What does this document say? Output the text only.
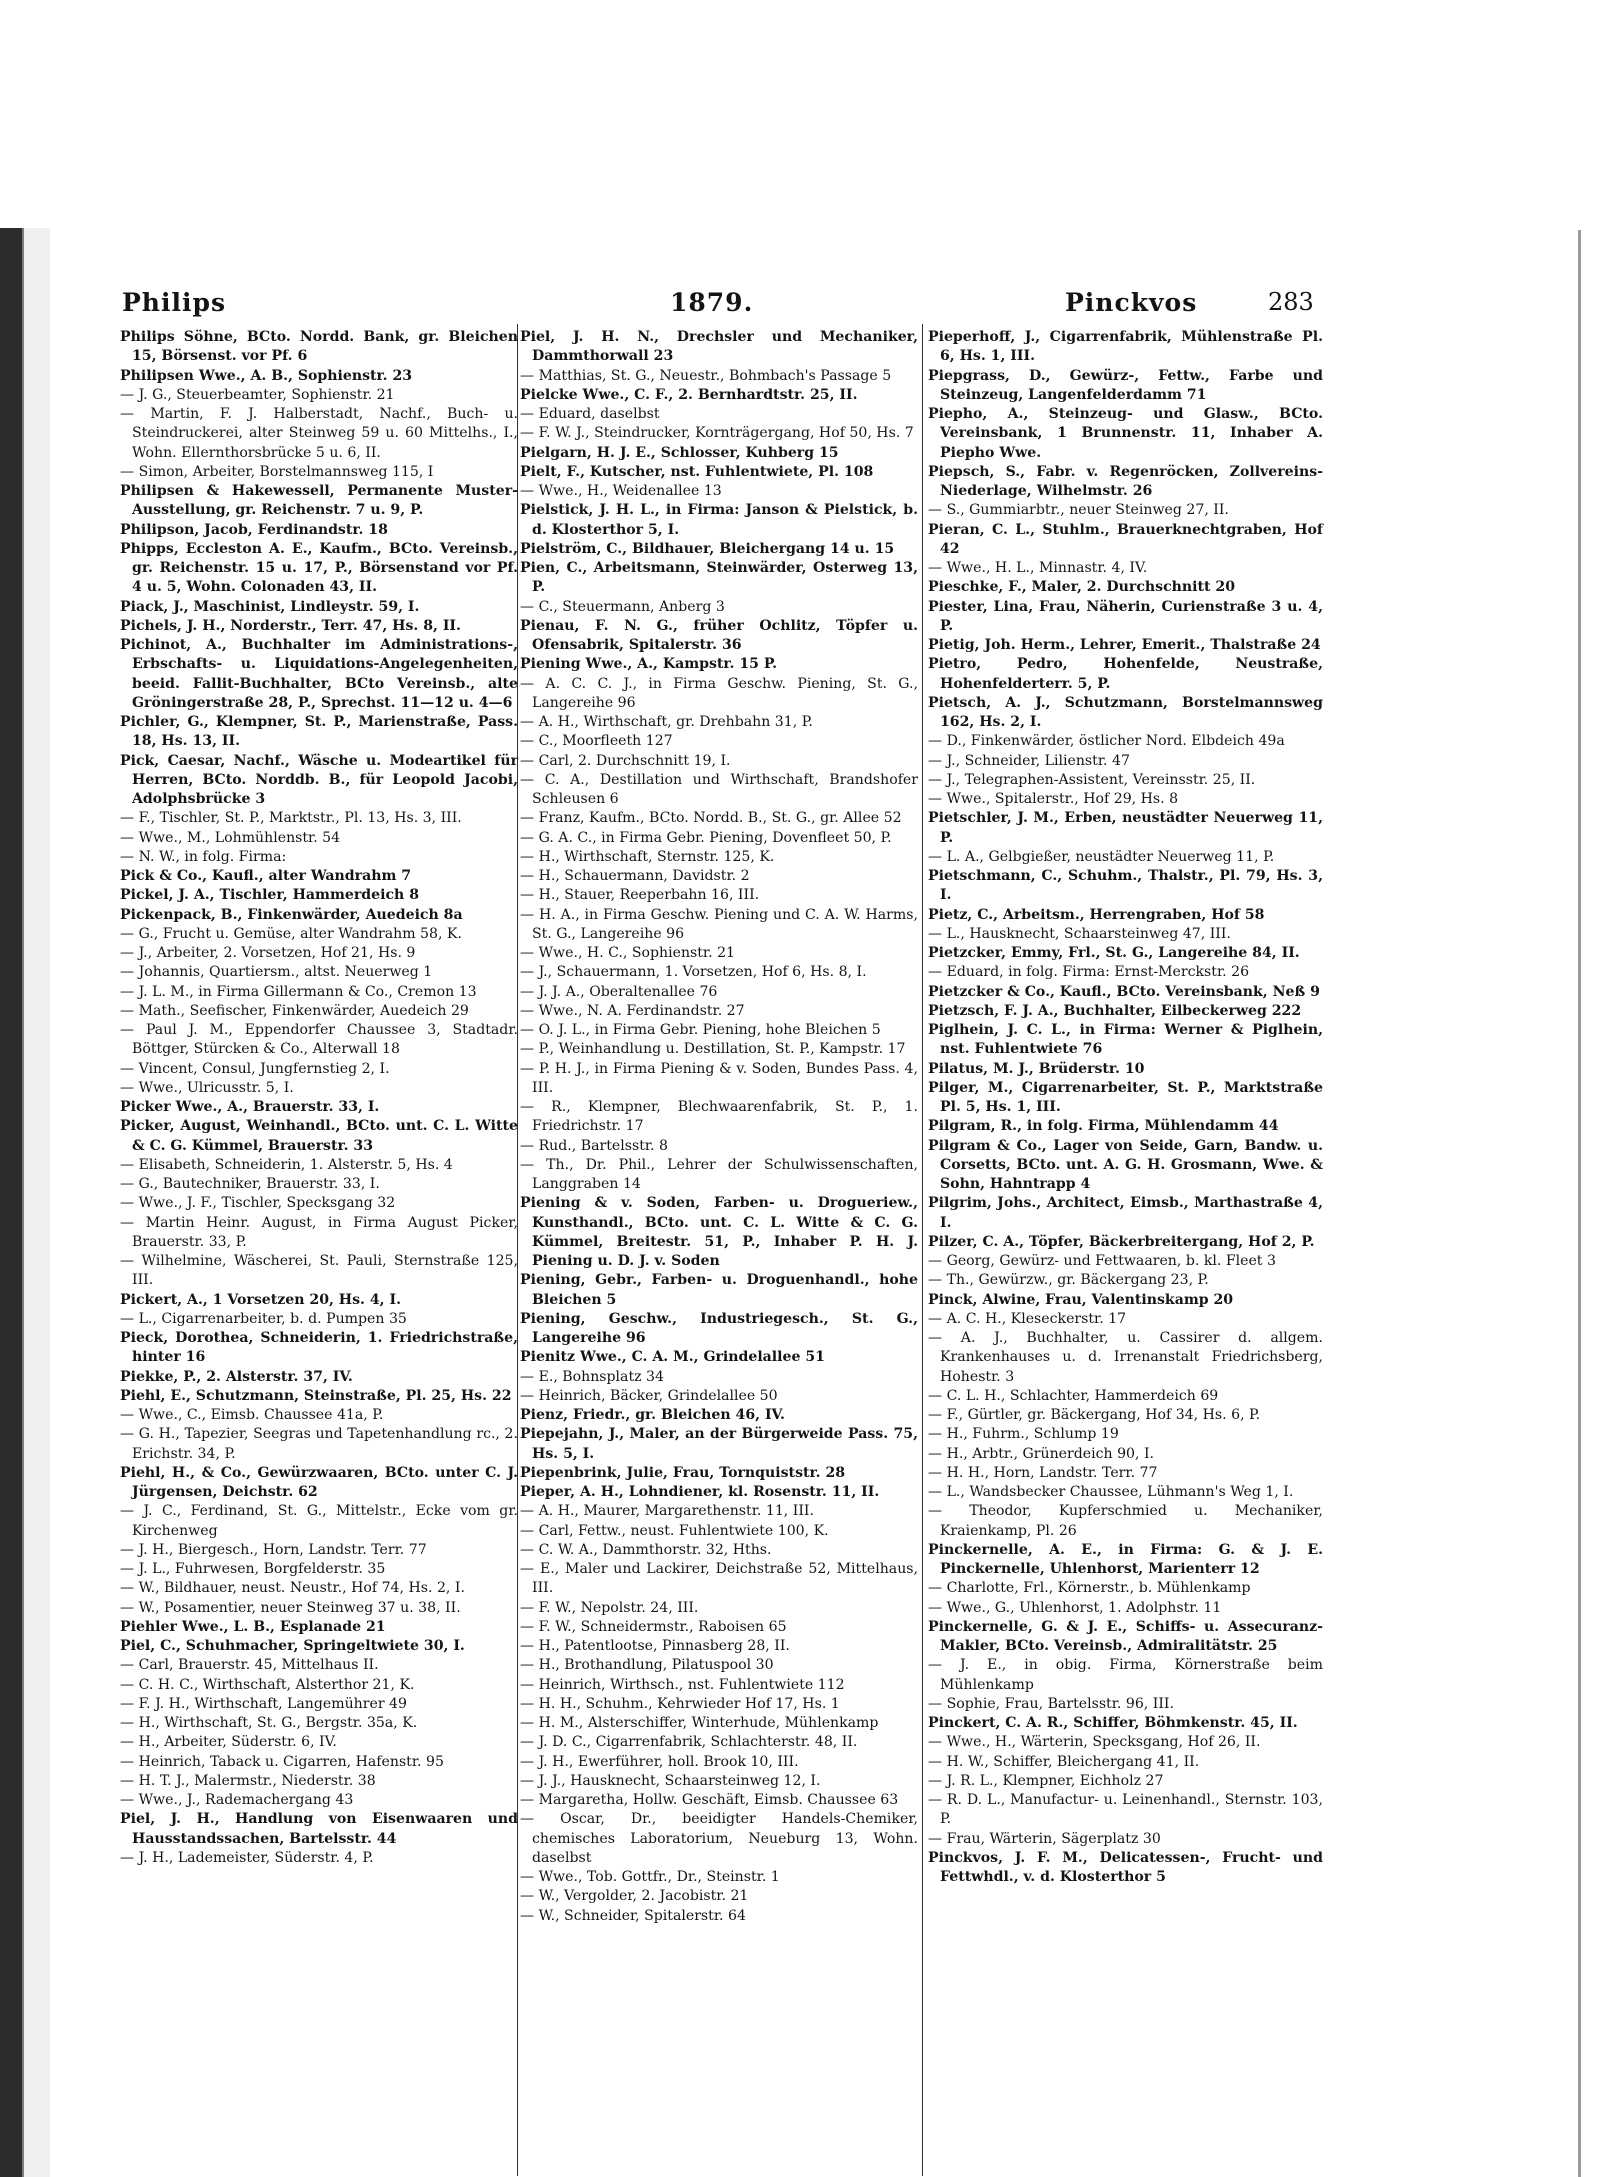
Philips	1879.	Pinckvos	283
Philips Söhne, BCto. Nordd. Bank, gr. Bleichen 15, Börsenst. vor Pf. 6
Philipsen Wwe., A. B., Sophienstr. 23
— J. G., Steuerbeamter, Sophienstr. 21
— Martin, F. J. Halberstadt, Nachf., Buch- u. Steindruckerei, alter Steinweg 59 u. 60 Mittelhs., I., Wohn. Ellernthorsbrücke 5 u. 6, II.
— Simon, Arbeiter, Borstelmannsweg 115, I
Philipsen & Hakewessell, Permanente Muster-Ausstellung, gr. Reichenstr. 7 u. 9, P.
Philipson, Jacob, Ferdinandstr. 18
Phipps, Eccleston A. E., Kaufm., BCto. Vereinsb., gr. Reichenstr. 15 u. 17, P., Börsenstand vor Pf. 4 u. 5, Wohn. Colonaden 43, II.
Piack, J., Maschinist, Lindleystr. 59, I.
Pichels, J. H., Norderstr., Terr. 47, Hs. 8, II.
Pichinot, A., Buchhalter im Administrations-, Erbschafts- u. Liquidations-Angelegenheiten, beeid. Fallit-Buchhalter, BCto Vereinsb., alte Gröningerstraße 28, P., Sprechst. 11—12 u. 4—6
Pichler, G., Klempner, St. P., Marienstraße, Pass. 18, Hs. 13, II.
Pick, Caesar, Nachf., Wäsche u. Modeartikel für Herren, BCto. Norddb. B., für Leopold Jacobi, Adolphsbrücke 3
— F., Tischler, St. P., Marktstr., Pl. 13, Hs. 3, III.
— Wwe., M., Lohmühlenstr. 54
— N. W., in folg. Firma:
Pick & Co., Kaufl., alter Wandrahm 7
Pickel, J. A., Tischler, Hammerdeich 8
Pickenpack, B., Finkenwärder, Auedeich 8a
— G., Frucht u. Gemüse, alter Wandrahm 58, K.
— J., Arbeiter, 2. Vorsetzen, Hof 21, Hs. 9
— Johannis, Quartiersm., altst. Neuerweg 1
— J. L. M., in Firma Gillermann & Co., Cremon 13
— Math., Seefischer, Finkenwärder, Auedeich 29
— Paul J. M., Eppendorfer Chaussee 3, Stadtadr. Böttger, Stürcken & Co., Alterwall 18
— Vincent, Consul, Jungfernstieg 2, I.
— Wwe., Ulricusstr. 5, I.
Picker Wwe., A., Brauerstr. 33, I.
Picker, August, Weinhandl., BCto. unt. C. L. Witte & C. G. Kümmel, Brauerstr. 33
— Elisabeth, Schneiderin, 1. Alsterstr. 5, Hs. 4
— G., Bautechniker, Brauerstr. 33, I.
— Wwe., J. F., Tischler, Specksgang 32
— Martin Heinr. August, in Firma August Picker, Brauerstr. 33, P.
— Wilhelmine, Wäscherei, St. Pauli, Sternstraße 125, III.
Pickert, A., 1 Vorsetzen 20, Hs. 4, I.
— L., Cigarrenarbeiter, b. d. Pumpen 35
Pieck, Dorothea, Schneiderin, 1. Friedrichstraße, hinter 16
Piekke, P., 2. Alsterstr. 37, IV.
Piehl, E., Schutzmann, Steinstraße, Pl. 25, Hs. 22
— Wwe., C., Eimsb. Chaussee 41a, P.
— G. H., Tapezier, Seegras und Tapetenhandlung rc., 2. Erichstr. 34, P.
Piehl, H., & Co., Gewürzwaaren, BCto. unter C. J. Jürgensen, Deichstr. 62
— J. C., Ferdinand, St. G., Mittelstr., Ecke vom gr. Kirchenweg
— J. H., Biergesch., Horn, Landstr. Terr. 77
— J. L., Fuhrwesen, Borgfelderstr. 35
— W., Bildhauer, neust. Neustr., Hof 74, Hs. 2, I.
— W., Posamentier, neuer Steinweg 37 u. 38, II.
Piehler Wwe., L. B., Esplanade 21
Piel, C., Schuhmacher, Springeltwiete 30, I.
— Carl, Brauerstr. 45, Mittelhaus II.
— C. H. C., Wirthschaft, Alsterthor 21, K.
— F. J. H., Wirthschaft, Langemührer 49
— H., Wirthschaft, St. G., Bergstr. 35a, K.
— H., Arbeiter, Süderstr. 6, IV.
— Heinrich, Taback u. Cigarren, Hafenstr. 95
— H. T. J., Malermstr., Niederstr. 38
— Wwe., J., Rademachergang 43
Piel, J. H., Handlung von Eisenwaaren und Hausstandssachen, Bartelsstr. 44
— J. H., Lademeister, Süderstr. 4, P.
Piel, J. H. N., Drechsler und Mechaniker, Dammthorwall 23
— Matthias, St. G., Neuestr., Bohmbach's Passage 5
Pielcke Wwe., C. F., 2. Bernhardtstr. 25, II.
— Eduard, daselbst
— F. W. J., Steindrucker, Kornträgergang, Hof 50, Hs. 7
Pielgarn, H. J. E., Schlosser, Kuhberg 15
Pielt, F., Kutscher, nst. Fuhlentwiete, Pl. 108
— Wwe., H., Weidenallee 13
Pielstick, J. H. L., in Firma: Janson & Pielstick, b. d. Klosterthor 5, I.
Pielström, C., Bildhauer, Bleichergang 14 u. 15
Pien, C., Arbeitsmann, Steinwärder, Osterweg 13, P.
— C., Steuermann, Anberg 3
Pienau, F. N. G., früher Ochlitz, Töpfer u. Ofensabrik, Spitalerstr. 36
Piening Wwe., A., Kampstr. 15 P.
— A. C. C. J., in Firma Geschw. Piening, St. G., Langereihe 96
— A. H., Wirthschaft, gr. Drehbahn 31, P.
— C., Moorfleeth 127
— Carl, 2. Durchschnitt 19, I.
— C. A., Destillation und Wirthschaft, Brandshofer Schleusen 6
— Franz, Kaufm., BCto. Nordd. B., St. G., gr. Allee 52
— G. A. C., in Firma Gebr. Piening, Dovenfleet 50, P.
— H., Wirthschaft, Sternstr. 125, K.
— H., Schauermann, Davidstr. 2
— H., Stauer, Reeperbahn 16, III.
— H. A., in Firma Geschw. Piening und C. A. W. Harms, St. G., Langereihe 96
— Wwe., H. C., Sophienstr. 21
— J., Schauermann, 1. Vorsetzen, Hof 6, Hs. 8, I.
— J. J. A., Oberaltenallee 76
— Wwe., N. A. Ferdinandstr. 27
— O. J. L., in Firma Gebr. Piening, hohe Bleichen 5
— P., Weinhandlung u. Destillation, St. P., Kampstr. 17
— P. H. J., in Firma Piening & v. Soden, Bundes Pass. 4, III.
— R., Klempner, Blechwaarenfabrik, St. P., 1. Friedrichstr. 17
— Rud., Bartelsstr. 8
— Th., Dr. Phil., Lehrer der Schulwissenschaften, Langgraben 14
Piening & v. Soden, Farben- u. Drogueriew., Kunsthandl., BCto. unt. C. L. Witte & C. G. Kümmel, Breitestr. 51, P., Inhaber P. H. J. Piening u. D. J. v. Soden
Piening, Gebr., Farben- u. Droguenhandl., hohe Bleichen 5
Piening, Geschw., Industriegesch., St. G., Langereihe 96
Pienitz Wwe., C. A. M., Grindelallee 51
— E., Bohnsplatz 34
— Heinrich, Bäcker, Grindelallee 50
Pienz, Friedr., gr. Bleichen 46, IV.
Piepejahn, J., Maler, an der Bürgerweide Pass. 75, Hs. 5, I.
Piepenbrink, Julie, Frau, Tornquiststr. 28
Pieper, A. H., Lohndiener, kl. Rosenstr. 11, II.
— A. H., Maurer, Margarethenstr. 11, III.
— Carl, Fettw., neust. Fuhlentwiete 100, K.
— C. W. A., Dammthorstr. 32, Hths.
— E., Maler und Lackirer, Deichstraße 52, Mittelhaus, III.
— F. W., Nepolstr. 24, III.
— F. W., Schneidermstr., Raboisen 65
— H., Patentlootse, Pinnasberg 28, II.
— H., Brothandlung, Pilatuspool 30
— Heinrich, Wirthsch., nst. Fuhlentwiete 112
— H. H., Schuhm., Kehrwieder Hof 17, Hs. 1
— H. M., Alsterschiffer, Winterhude, Mühlenkamp
— J. D. C., Cigarrenfabrik, Schlachterstr. 48, II.
— J. H., Ewerführer, holl. Brook 10, III.
— J. J., Hausknecht, Schaarsteinweg 12, I.
— Margaretha, Hollw. Geschäft, Eimsb. Chaussee 63
— Oscar, Dr., beeidigter Handels-Chemiker, chemisches Laboratorium, Neueburg 13, Wohn. daselbst
— Wwe., Tob. Gottfr., Dr., Steinstr. 1
— W., Vergolder, 2. Jacobistr. 21
— W., Schneider, Spitalerstr. 64
Pieperhoff, J., Cigarrenfabrik, Mühlenstraße Pl. 6, Hs. 1, III.
Piepgrass, D., Gewürz-, Fettw., Farbe und Steinzeug, Langenfelderdamm 71
Piepho, A., Steinzeug- und Glasw., BCto. Vereinsbank, 1 Brunnenstr. 11, Inhaber A. Piepho Wwe.
Piepsch, S., Fabr. v. Regenröcken, Zollvereins-Niederlage, Wilhelmstr. 26
— S., Gummiarbtr., neuer Steinweg 27, II.
Pieran, C. L., Stuhlm., Brauerknechtgraben, Hof 42
— Wwe., H. L., Minnastr. 4, IV.
Pieschke, F., Maler, 2. Durchschnitt 20
Piester, Lina, Frau, Näherin, Curienstraße 3 u. 4, P.
Pietig, Joh. Herm., Lehrer, Emerit., Thalstraße 24
Pietro, Pedro, Hohenfelde, Neustraße, Hohenfelderterr. 5, P.
Pietsch, A. J., Schutzmann, Borstelmannsweg 162, Hs. 2, I.
— D., Finkenwärder, östlicher Nord. Elbdeich 49a
— J., Schneider, Lilienstr. 47
— J., Telegraphen-Assistent, Vereinsstr. 25, II.
— Wwe., Spitalerstr., Hof 29, Hs. 8
Pietschler, J. M., Erben, neustädter Neuerweg 11, P.
— L. A., Gelbgießer, neustädter Neuerweg 11, P.
Pietschmann, C., Schuhm., Thalstr., Pl. 79, Hs. 3, I.
Pietz, C., Arbeitsm., Herrengraben, Hof 58
— L., Hausknecht, Schaarsteinweg 47, III.
Pietzcker, Emmy, Frl., St. G., Langereihe 84, II.
— Eduard, in folg. Firma: Ernst-Merckstr. 26
Pietzcker & Co., Kaufl., BCto. Vereinsbank, Neß 9
Pietzsch, F. J. A., Buchhalter, Eilbeckerweg 222
Piglhein, J. C. L., in Firma: Werner & Piglhein, nst. Fuhlentwiete 76
Pilatus, M. J., Brüderstr. 10
Pilger, M., Cigarrenarbeiter, St. P., Marktstraße Pl. 5, Hs. 1, III.
Pilgram, R., in folg. Firma, Mühlendamm 44
Pilgram & Co., Lager von Seide, Garn, Bandw. u. Corsetts, BCto. unt. A. G. H. Grosmann, Wwe. & Sohn, Hahntrapp 4
Pilgrim, Johs., Architect, Eimsb., Marthastraße 4, I.
Pilzer, C. A., Töpfer, Bäckerbreitergang, Hof 2, P.
— Georg, Gewürz- und Fettwaaren, b. kl. Fleet 3
— Th., Gewürzw., gr. Bäckergang 23, P.
Pinck, Alwine, Frau, Valentinskamp 20
— A. C. H., Kleseckerstr. 17
— A. J., Buchhalter, u. Cassirer d. allgem. Krankenhauses u. d. Irrenanstalt Friedrichsberg, Hohestr. 3
— C. L. H., Schlachter, Hammerdeich 69
— F., Gürtler, gr. Bäckergang, Hof 34, Hs. 6, P.
— H., Fuhrm., Schlump 19
— H., Arbtr., Grünerdeich 90, I.
— H. H., Horn, Landstr. Terr. 77
— L., Wandsbecker Chaussee, Lühmann's Weg 1, I.
— Theodor, Kupferschmied u. Mechaniker, Kraienkamp, Pl. 26
Pinckernelle, A. E., in Firma: G. & J. E. Pinckernelle, Uhlenhorst, Marienterr 12
— Charlotte, Frl., Körnerstr., b. Mühlenkamp
— Wwe., G., Uhlenhorst, 1. Adolphstr. 11
Pinckernelle, G. & J. E., Schiffs- u. Assecuranz-Makler, BCto. Vereinsb., Admiralitätstr. 25
— J. E., in obig. Firma, Körnerstraße beim Mühlenkamp
— Sophie, Frau, Bartelsstr. 96, III.
Pinckert, C. A. R., Schiffer, Böhmkenstr. 45, II.
— Wwe., H., Wärterin, Specksgang, Hof 26, II.
— H. W., Schiffer, Bleichergang 41, II.
— J. R. L., Klempner, Eichholz 27
— R. D. L., Manufactur- u. Leinenhandl., Sternstr. 103, P.
— Frau, Wärterin, Sägerplatz 30
Pinckvos, J. F. M., Delicatessen-, Frucht- und Fettwhdl., v. d. Klosterthor 5
